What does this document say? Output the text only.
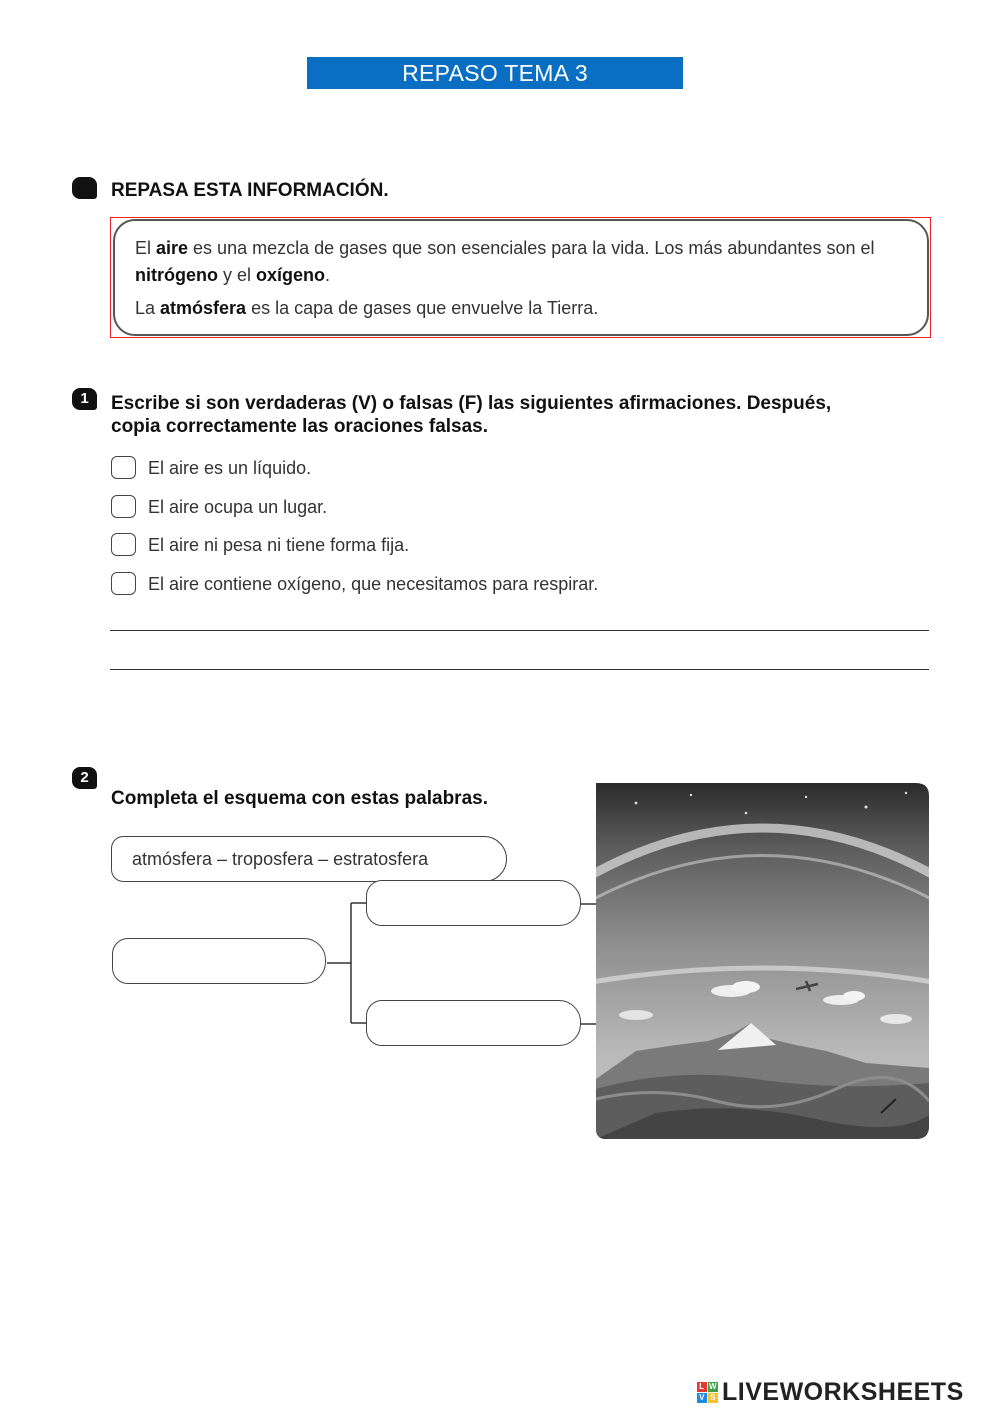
REPASO TEMA 3
REPASA ESTA INFORMACIÓN.

El aire es una mezcla de gases que son esenciales para la vida. Los más abundantes son el nitrógeno y el oxígeno.

La atmósfera es la capa de gases que envuelve la Tierra.

1	Escribe si son verdaderas (V) o falsas (F) las siguientes afirmaciones. Después,
copia correctamente las oraciones falsas.
El aire es un líquido.
El aire ocupa un lugar.
El aire ni pesa ni tiene forma fija.
El aire contiene oxígeno, que necesitamos para respirar.
2
Completa el esquema con estas palabras.
atmósfera – troposfera – estratosfera
L W
V S LIVEWORKSHEETS
